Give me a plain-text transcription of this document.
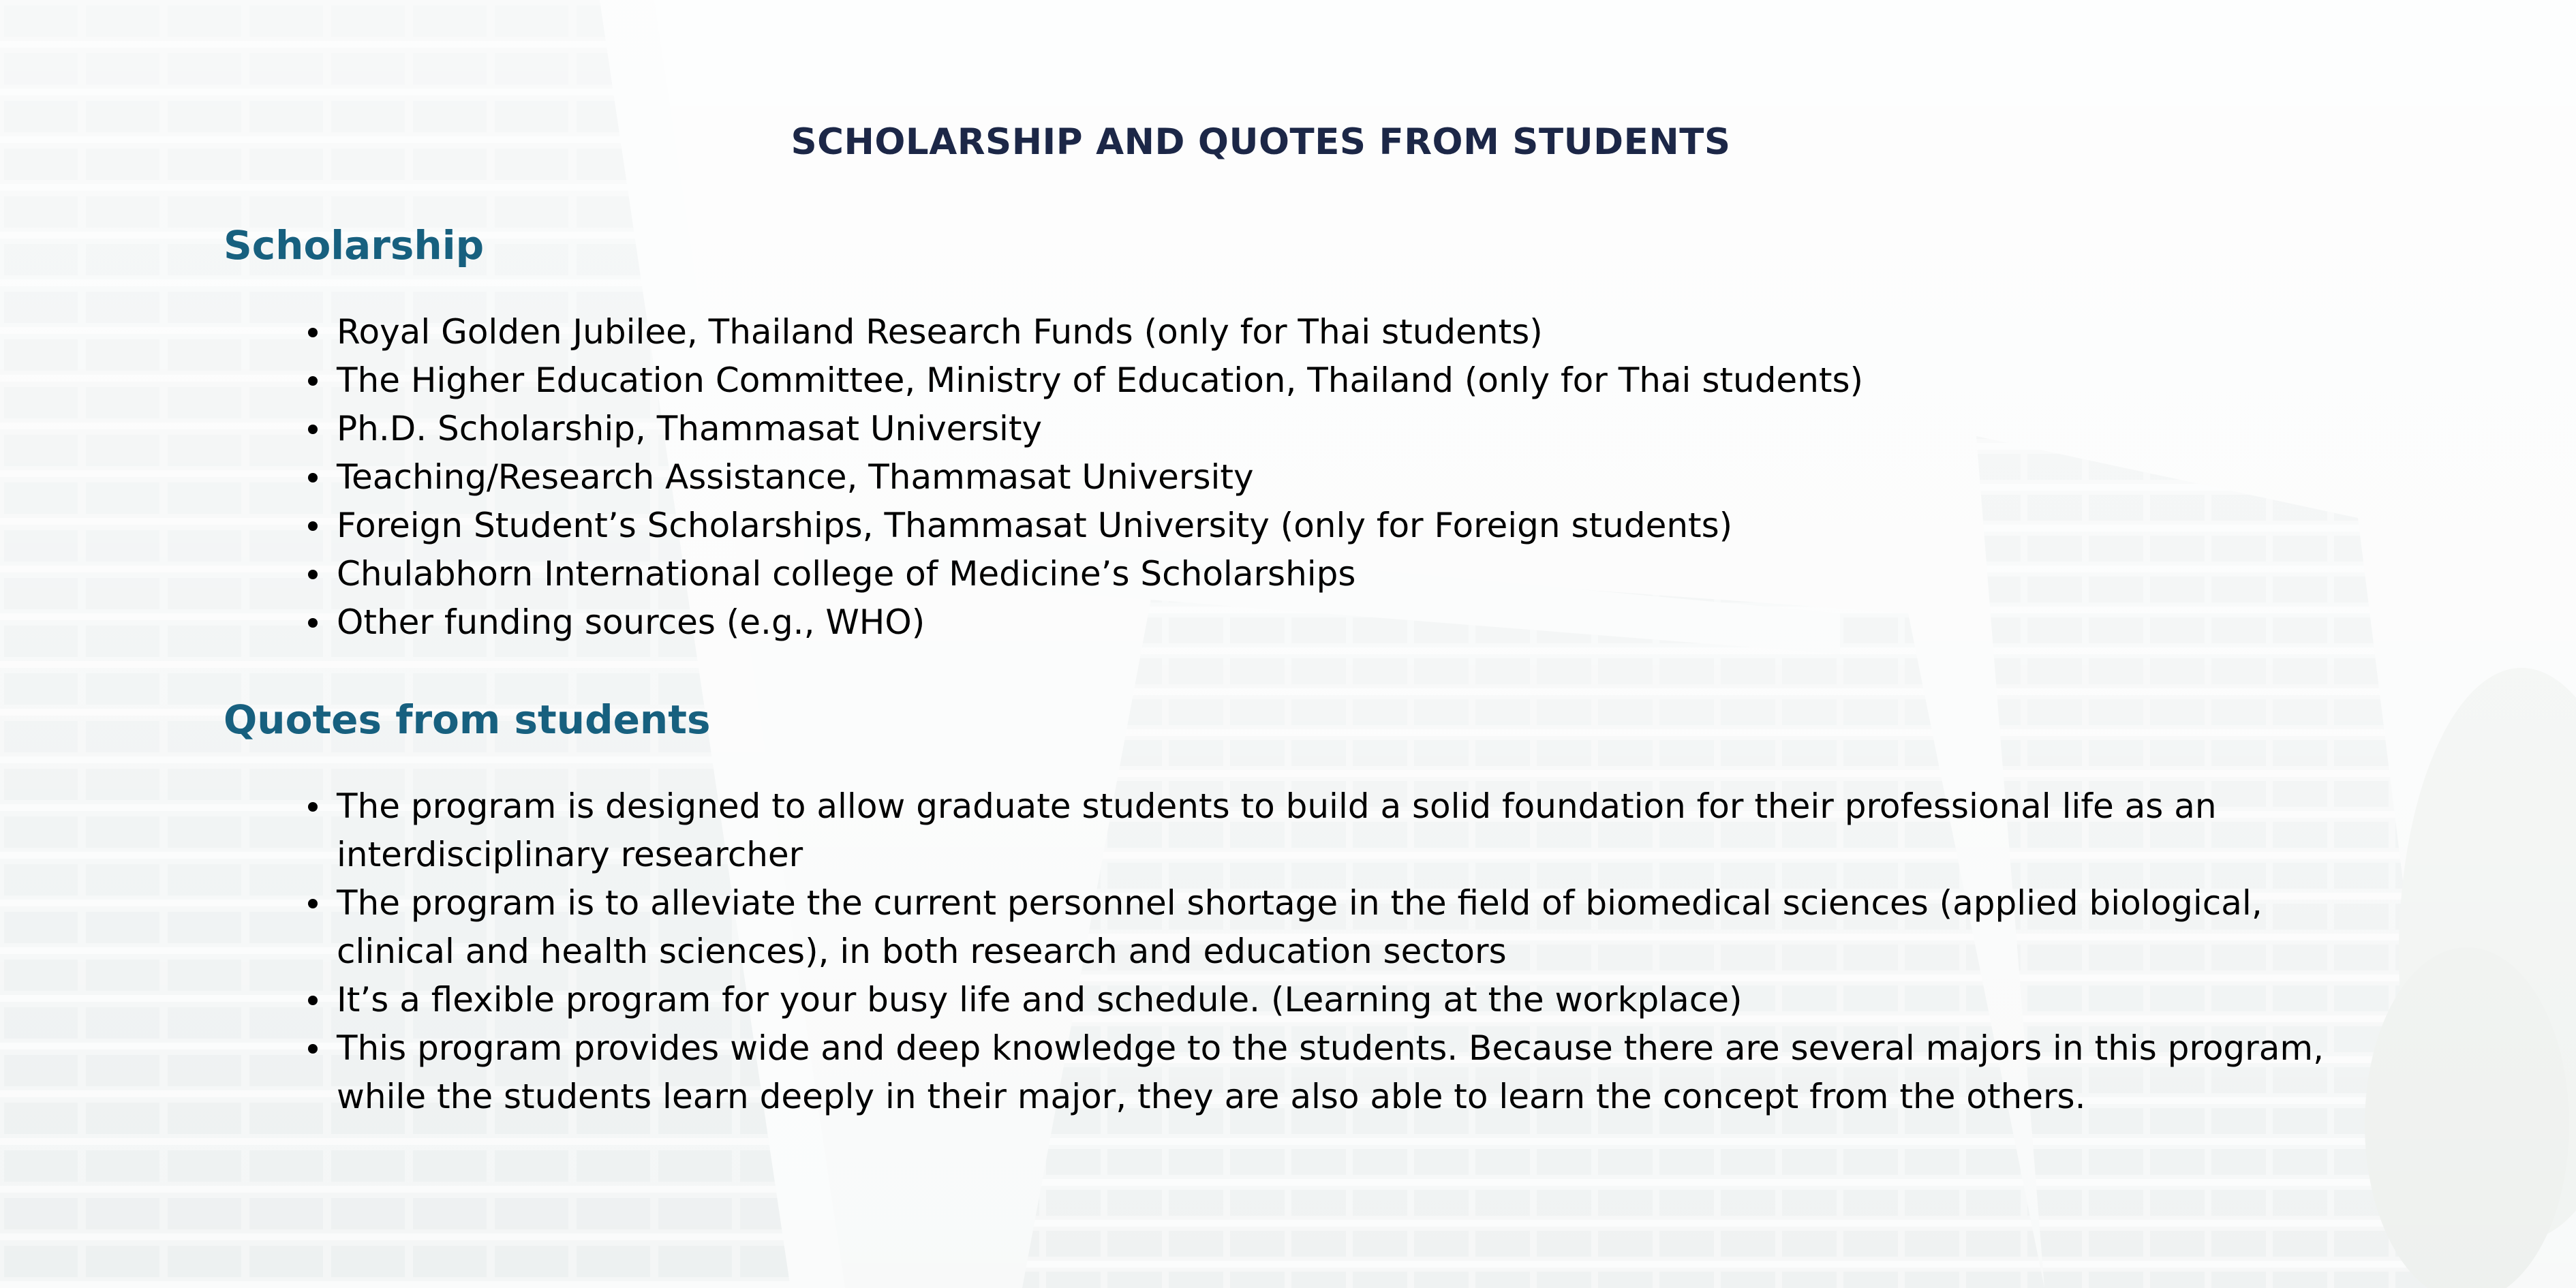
SCHOLARSHIP AND QUOTES FROM STUDENTS
Scholarship
Royal Golden Jubilee, Thailand Research Funds (only for Thai students)
The Higher Education Committee, Ministry of Education, Thailand (only for Thai students)
Ph.D. Scholarship, Thammasat University
Teaching/Research Assistance, Thammasat University
Foreign Student’s Scholarships, Thammasat University (only for Foreign students)
Chulabhorn International college of Medicine’s Scholarships
Other funding sources (e.g., WHO)
Quotes from students
The program is designed to allow graduate students to build a solid foundation for their professional life as an interdisciplinary researcher
The program is to alleviate the current personnel shortage in the field of biomedical sciences (applied biological, clinical and health sciences), in both research and education sectors
It’s a flexible program for your busy life and schedule. (Learning at the workplace)
This program provides wide and deep knowledge to the students. Because there are several majors in this program, while the students learn deeply in their major, they are also able to learn the concept from the others.
